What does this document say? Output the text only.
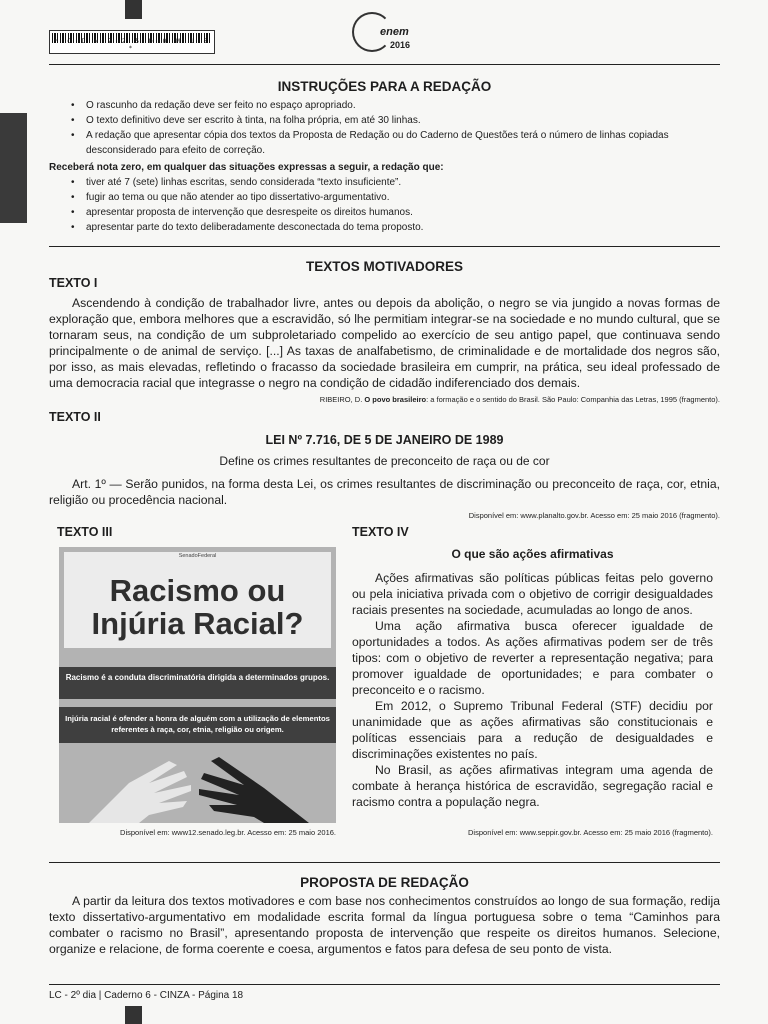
* C I N Z 2 5 D O M 1 8 *
enem
2016
INSTRUÇÕES PARA A REDAÇÃO
• O rascunho da redação deve ser feito no espaço apropriado.
• O texto definitivo deve ser escrito à tinta, na folha própria, em até 30 linhas.
• A redação que apresentar cópia dos textos da Proposta de Redação ou do Caderno de Questões terá o número de linhas copiadas desconsiderado para efeito de correção.
Receberá nota zero, em qualquer das situações expressas a seguir, a redação que:
• tiver até 7 (sete) linhas escritas, sendo considerada “texto insuficiente”.
• fugir ao tema ou que não atender ao tipo dissertativo-argumentativo.
• apresentar proposta de intervenção que desrespeite os direitos humanos.
• apresentar parte do texto deliberadamente desconectada do tema proposto.
TEXTOS MOTIVADORES
TEXTO I
Ascendendo à condição de trabalhador livre, antes ou depois da abolição, o negro se via jungido a novas formas de exploração que, embora melhores que a escravidão, só lhe permitiam integrar-se na sociedade e no mundo cultural, que se tornaram seus, na condição de um subproletariado compelido ao exercício de seu antigo papel, que continuava sendo principalmente o de animal de serviço. [...] As taxas de analfabetismo, de criminalidade e de mortalidade dos negros são, por isso, as mais elevadas, refletindo o fracasso da sociedade brasileira em cumprir, na prática, seu ideal professado de uma democracia racial que integrasse o negro na condição de cidadão indiferenciado dos demais.
RIBEIRO, D. O povo brasileiro: a formação e o sentido do Brasil. São Paulo: Companhia das Letras, 1995 (fragmento).
TEXTO II
LEI Nº 7.716, DE 5 DE JANEIRO DE 1989
Define os crimes resultantes de preconceito de raça ou de cor
Art. 1º — Serão punidos, na forma desta Lei, os crimes resultantes de discriminação ou preconceito de raça, cor, etnia, religião ou procedência nacional.
Disponível em: www.planalto.gov.br. Acesso em: 25 maio 2016 (fragmento).
TEXTO III
SenadoFederal
Racismo ou
Injúria Racial?
Racismo é a conduta discriminatória dirigida a determinados grupos.
Injúria racial é ofender a honra de alguém com a utilização de elementos referentes à raça, cor, etnia, religião ou origem.
Disponível em: www12.senado.leg.br. Acesso em: 25 maio 2016.
TEXTO IV
O que são ações afirmativas
Ações afirmativas são políticas públicas feitas pelo governo ou pela iniciativa privada com o objetivo de corrigir desigualdades raciais presentes na sociedade, acumuladas ao longo de anos.
Uma ação afirmativa busca oferecer igualdade de oportunidades a todos. As ações afirmativas podem ser de três tipos: com o objetivo de reverter a representação negativa; para promover igualdade de oportunidades; e para combater o preconceito e o racismo.
Em 2012, o Supremo Tribunal Federal (STF) decidiu por unanimidade que as ações afirmativas são constitucionais e políticas essenciais para a redução de desigualdades e discriminações existentes no país.
No Brasil, as ações afirmativas integram uma agenda de combate à herança histórica de escravidão, segregação racial e racismo contra a população negra.
Disponível em: www.seppir.gov.br. Acesso em: 25 maio 2016 (fragmento).
PROPOSTA DE REDAÇÃO
A partir da leitura dos textos motivadores e com base nos conhecimentos construídos ao longo de sua formação, redija texto dissertativo-argumentativo em modalidade escrita formal da língua portuguesa sobre o tema “Caminhos para combater o racismo no Brasil”, apresentando proposta de intervenção que respeite os direitos humanos. Selecione, organize e relacione, de forma coerente e coesa, argumentos e fatos para defesa de seu ponto de vista.
LC - 2º dia | Caderno 6 - CINZA - Página 18
